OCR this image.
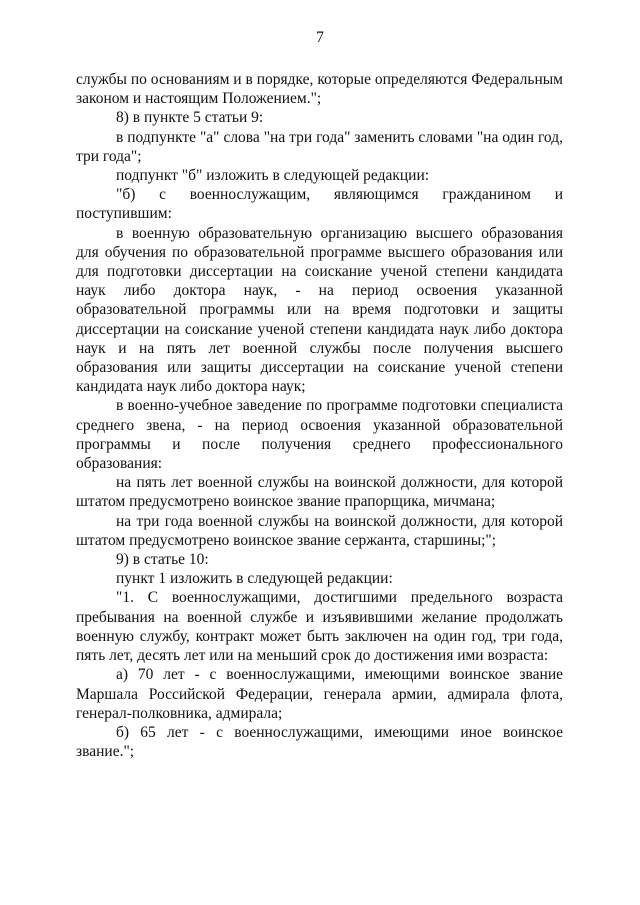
7

службы по основаниям и в порядке, которые определяются Федеральным законом и настоящим Положением.";

8) в пункте 5 статьи 9:

в подпункте "а" слова "на три года" заменить словами "на один год, три года";

подпункт "б" изложить в следующей редакции:

"б) с военнослужащим, являющимся гражданином и поступившим:

в военную образовательную организацию высшего образования для обучения по образовательной программе высшего образования или для подготовки диссертации на соискание ученой степени кандидата наук либо доктора наук, - на период освоения указанной образовательной программы или на время подготовки и защиты диссертации на соискание ученой степени кандидата наук либо доктора наук и на пять лет военной службы после получения высшего образования или защиты диссертации на соискание ученой степени кандидата наук либо доктора наук;

в военно-учебное заведение по программе подготовки специалиста среднего звена, - на период освоения указанной образовательной программы и после получения среднего профессионального образования:

на пять лет военной службы на воинской должности, для которой штатом предусмотрено воинское звание прапорщика, мичмана;

на три года военной службы на воинской должности, для которой штатом предусмотрено воинское звание сержанта, старшины;";

9) в статье 10:

пункт 1 изложить в следующей редакции:

"1. С военнослужащими, достигшими предельного возраста пребывания на военной службе и изъявившими желание продолжать военную службу, контракт может быть заключен на один год, три года, пять лет, десять лет или на меньший срок до достижения ими возраста:

а) 70 лет - с военнослужащими, имеющими воинское звание Маршала Российской Федерации, генерала армии, адмирала флота, генерал-полковника, адмирала;

б) 65 лет - с военнослужащими, имеющими иное воинское звание.";
